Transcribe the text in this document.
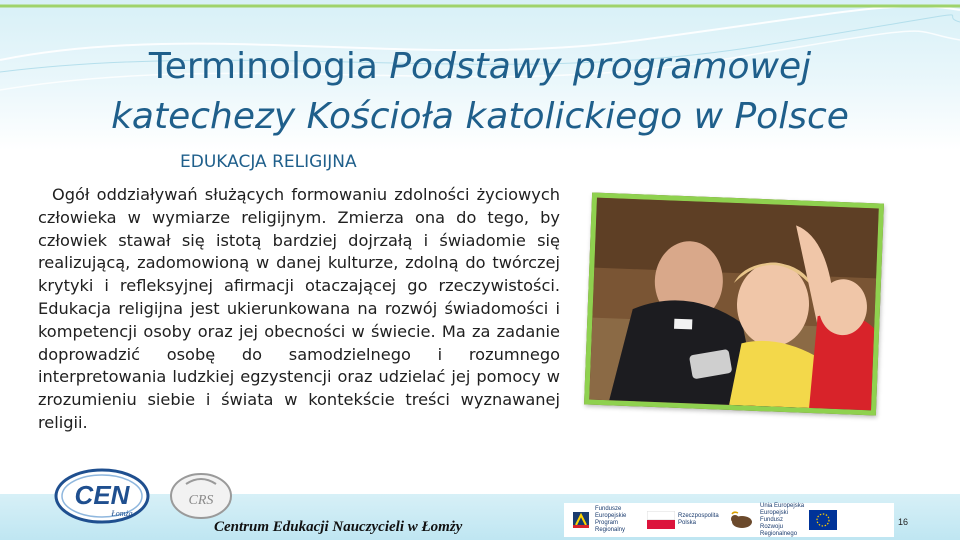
Terminologia Podstawy programowej katechezy Kościoła katolickiego w Polsce
EDUKACJA RELIGIJNA
Ogół oddziaływań służących formowaniu zdolności życiowych człowieka w wymiarze religijnym. Zmierza ona do tego, by człowiek stawał się istotą bardziej dojrzałą i świadomie się realizującą, zadomowioną w danej kulturze, zdolną do twórczej krytyki i refleksyjnej afirmacji otaczającej go rzeczywistości. Edukacja religijna jest ukierunkowana na rozwój świadomości i kompetencji osoby oraz jej obecności w świecie. Ma za zadanie doprowadzić osobę do samodzielnego i rozumnego interpretowania ludzkiej egzystencji oraz udzielać jej pomocy w zrozumieniu siebie i świata w kontekście treści wyznawanej religii.
CEN
Łomża
CRS
Centrum Edukacji Nauczycieli w Łomży
Fundusze Europejskie Program Regionalny
Rzeczpospolita Polska
Unia Europejska Europejski Fundusz Rozwoju Regionalnego
16
